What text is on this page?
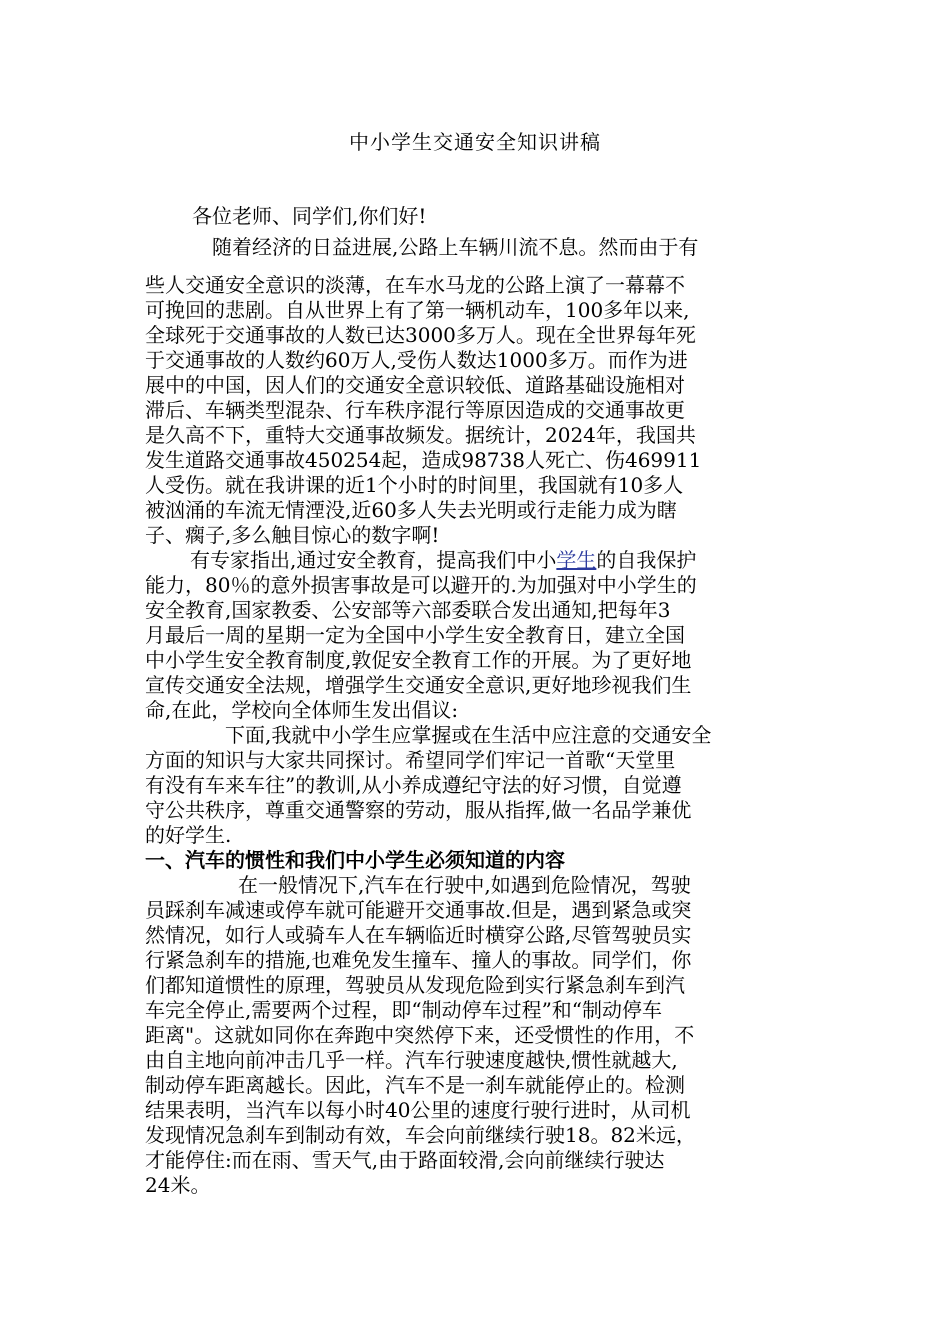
中小学生交通安全知识讲稿
各位老师、同学们,你们好!
随着经济的日益进展,公路上车辆川流不息。然而由于有
些人交通安全意识的淡薄，在车水马龙的公路上演了一幕幕不
可挽回的悲剧。自从世界上有了第一辆机动车，100多年以来,
全球死于交通事故的人数已达3000多万人。现在全世界每年死
于交通事故的人数约60万人,受伤人数达1000多万。而作为进
展中的中国，因人们的交通安全意识较低、道路基础设施相对
滞后、车辆类型混杂、行车秩序混行等原因造成的交通事故更
是久高不下，重特大交通事故频发。据统计，2024年，我国共
发生道路交通事故450254起，造成98738人死亡、伤469911
人受伤。就在我讲课的近1个小时的时间里，我国就有10多人
被汹涌的车流无情湮没,近60多人失去光明或行走能力成为瞎
子、瘸子,多么触目惊心的数字啊!
能力，80％的意外损害事故是可以避开的.为加强对中小学生的
安全教育,国家教委、公安部等六部委联合发出通知,把每年3
月最后一周的星期一定为全国中小学生安全教育日，建立全国
中小学生安全教育制度,敦促安全教育工作的开展。为了更好地
宣传交通安全法规，增强学生交通安全意识,更好地珍视我们生
命,在此，学校向全体师生发出倡议:
下面,我就中小学生应掌握或在生活中应注意的交通安全
方面的知识与大家共同探讨。希望同学们牢记一首歌“天堂里
有没有车来车往”的教训,从小养成遵纪守法的好习惯，自觉遵
守公共秩序，尊重交通警察的劳动，服从指挥,做一名品学兼优
的好学生.
在一般情况下,汽车在行驶中,如遇到危险情况，驾驶
员踩刹车减速或停车就可能避开交通事故.但是，遇到紧急或突
然情况，如行人或骑车人在车辆临近时横穿公路,尽管驾驶员实
行紧急刹车的措施,也难免发生撞车、撞人的事故。同学们，你
们都知道惯性的原理，驾驶员从发现危险到实行紧急刹车到汽
车完全停止,需要两个过程，即“制动停车过程”和“制动停车
距离"。这就如同你在奔跑中突然停下来，还受惯性的作用，不
由自主地向前冲击几乎一样。汽车行驶速度越快,惯性就越大,
制动停车距离越长。因此，汽车不是一刹车就能停止的。检测
结果表明，当汽车以每小时40公里的速度行驶行进时，从司机
发现情况急刹车到制动有效，车会向前继续行驶18。82米远，
才能停住:而在雨、雪天气,由于路面较滑,会向前继续行驶达
24米。
有专家指出,通过安全教育，提高我们中小学生的自我保护
一、汽车的惯性和我们中小学生必须知道的内容
